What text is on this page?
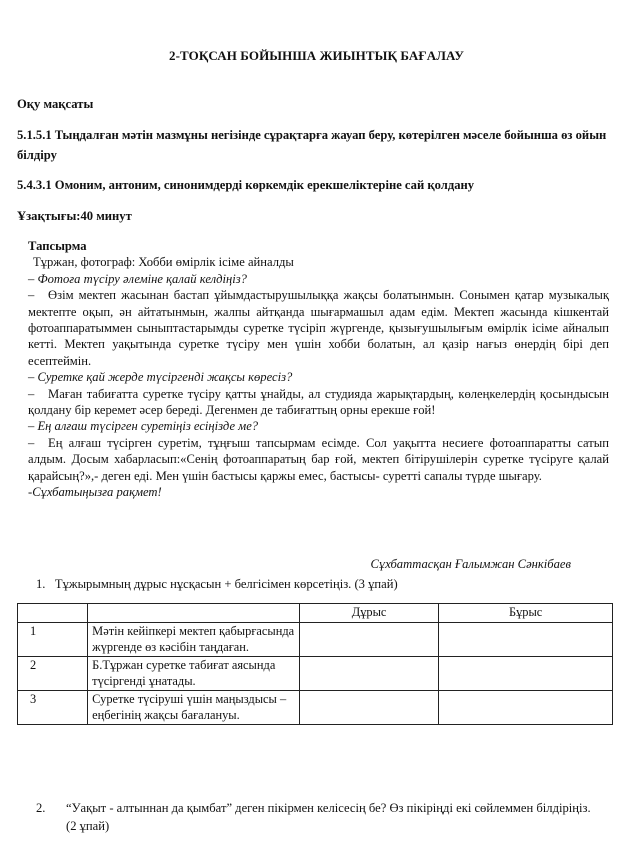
2-ТОҚСАН БОЙЫНША ЖИЫНТЫҚ БАҒАЛАУ
Оқу мақсаты
5.1.5.1 Тыңдалған мәтін мазмұны негізінде сұрақтарға жауап беру, көтерілген мәселе бойынша өз ойын білдіру
5.4.3.1 Омоним, антоним, синонимдерді көркемдік ерекшеліктеріне сай қолдану
Ұзақтығы:40 минут

Тапсырма

Тұржан, фотограф: Хобби өмірлік ісіме айналды

– Фотоға түсіру әлеміне қалай келдіңіз?

– Өзім мектеп жасынан бастап ұйымдастырушылыққа жақсы болатынмын. Сонымен қатар музыкалық мектепте оқып, ән айтатынмын, жалпы айтқанда шығармашыл адам едім. Мектеп жасында кішкентай фотоаппаратыммен сыныптастарымды суретке түсіріп жүргенде, қызығушылығым өмірлік ісіме айналып кетті. Мектеп уақытында суретке түсіру мен үшін хобби болатын, ал қазір нағыз өнердің бірі деп есептеймін.

– Суретке қай жерде түсіргенді жақсы көресіз?

– Маған табиғатта суретке түсіру қатты ұнайды, ал студияда жарықтардың, көлеңкелердің қосындысын қолдану бір керемет әсер береді. Дегенмен де табиғаттың орны ерекше ғой!

– Ең алғаш түсірген суретіңіз есіңізде ме?

– Ең алғаш түсірген суретім, тұңғыш тапсырмам есімде. Сол уақытта несиеге фотоаппаратты сатып алдым. Досым хабарласып:«Сенің фотоаппаратың бар ғой, мектеп бітірушілерін суретке түсіруге қалай қарайсың?»,- деген еді. Мен үшін бастысы қаржы емес, бастысы- суретті сапалы түрде шығару.

-Сұхбатыңызға рақмет!

Сұхбаттасқан Ғалымжан Сәнкібаев
1. Тұжырымның дұрыс нұсқасын + белгісімен көрсетіңіз. (3 ұпай)
		Дұрыс	Бұрыс
1	Мәтін кейіпкері мектеп қабырғасында жүргенде өз кәсібін таңдаған.		
2	Б.Тұржан суретке табиғат аясында түсіргенді ұнатады.		
3	Суретке түсіруші үшін маңыздысы – еңбегінің жақсы бағалануы.		
2. “Уақыт - алтыннан да қымбат” деген пікірмен келісесің бе? Өз пікіріңді екі сөйлеммен білдіріңіз. (2 ұпай)
